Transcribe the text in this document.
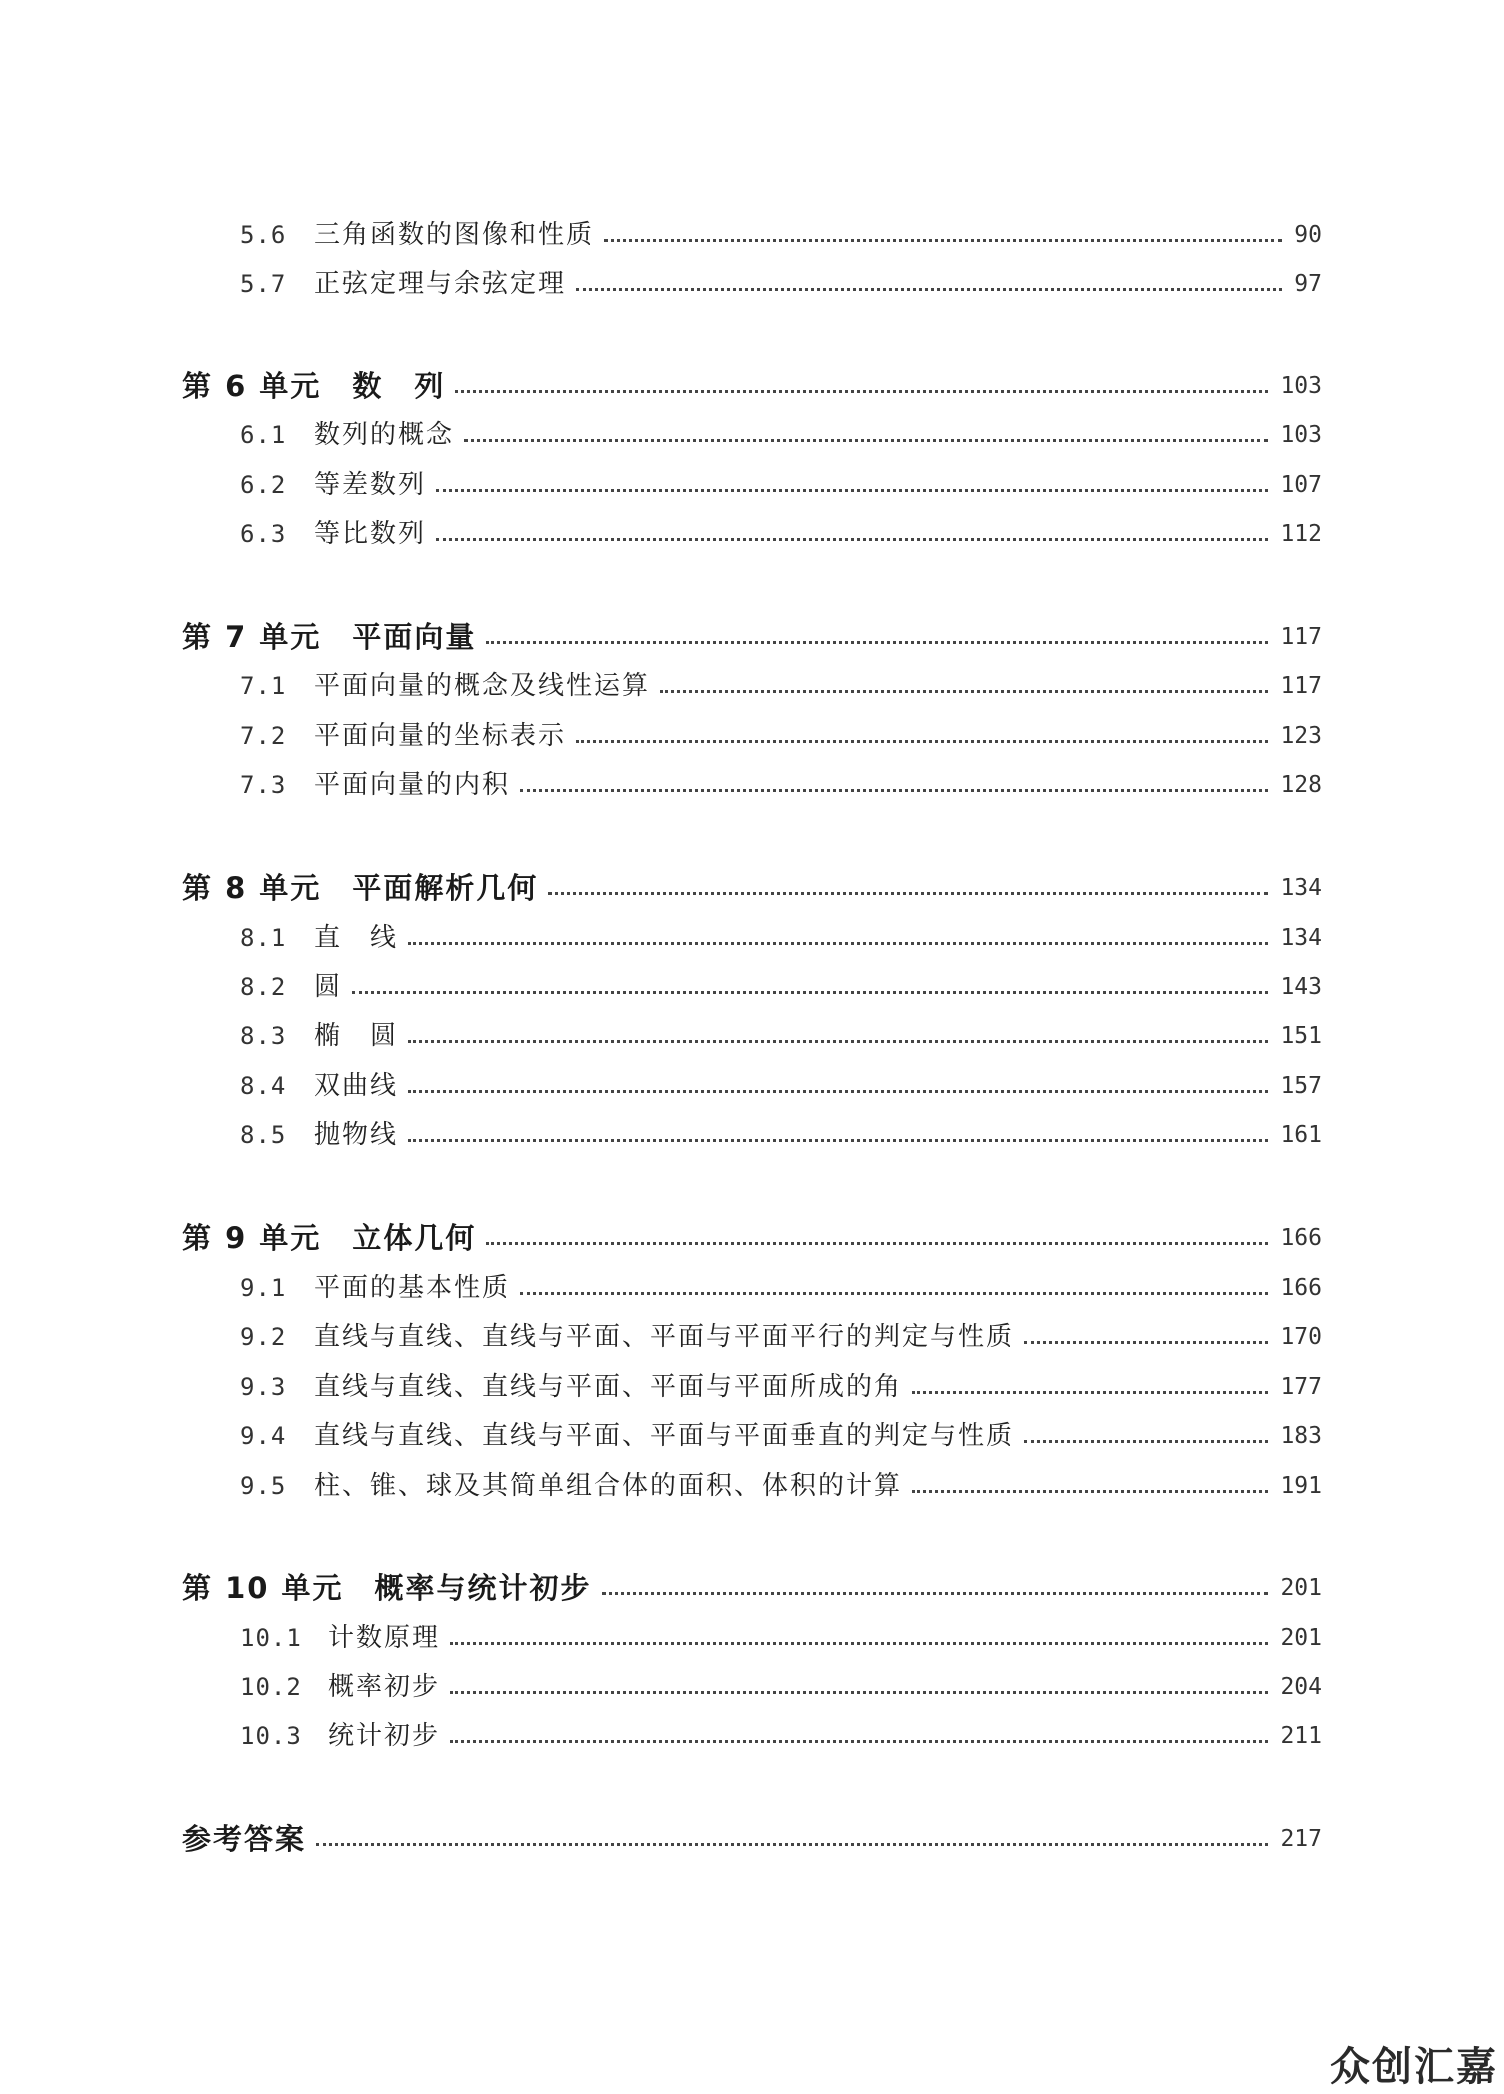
5.6 三角函数的图像和性质	90
5.7 正弦定理与余弦定理	97
第 6 单元　数　列	103
6.1 数列的概念	103
6.2 等差数列	107
6.3 等比数列	112
第 7 单元　平面向量	117
7.1 平面向量的概念及线性运算	117
7.2 平面向量的坐标表示	123
7.3 平面向量的内积	128
第 8 单元　平面解析几何	134
8.1 直　线	134
8.2 圆	143
8.3 椭　圆	151
8.4 双曲线	157
8.5 抛物线	161
第 9 单元　立体几何	166
9.1 平面的基本性质	166
9.2 直线与直线、直线与平面、平面与平面平行的判定与性质	170
9.3 直线与直线、直线与平面、平面与平面所成的角	177
9.4 直线与直线、直线与平面、平面与平面垂直的判定与性质	183
9.5 柱、锥、球及其简单组合体的面积、体积的计算	191
第 10 单元　概率与统计初步	201
10.1 计数原理	201
10.2 概率初步	204
10.3 统计初步	211
参考答案	217
众创汇嘉
